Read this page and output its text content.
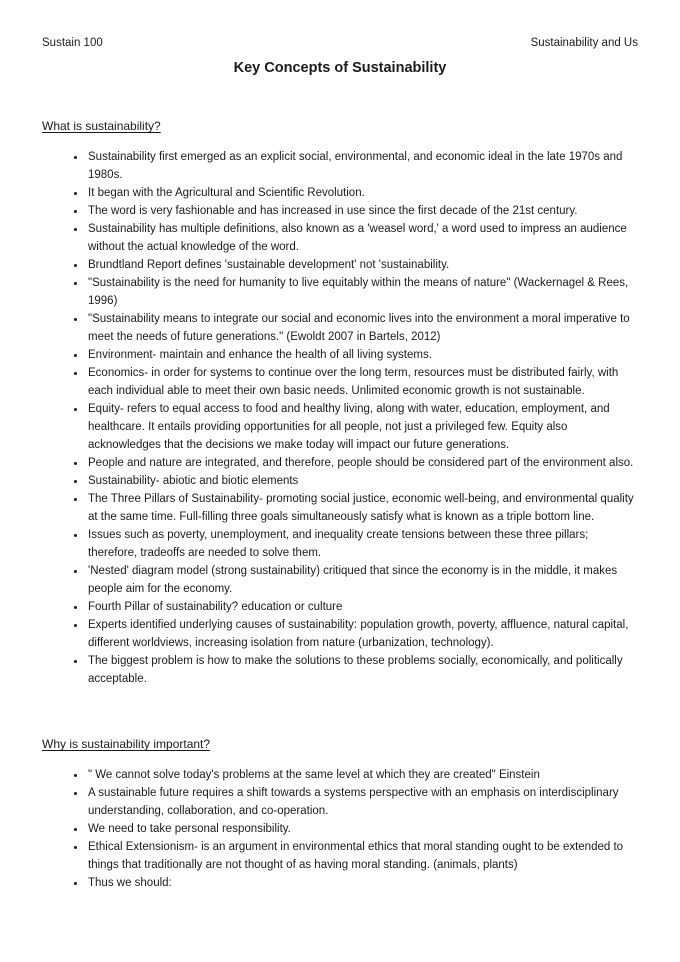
Sustain 100	Sustainability and Us
Key Concepts of Sustainability
What is sustainability?
• Sustainability first emerged as an explicit social, environmental, and economic ideal in the late 1970s and 1980s.
• It began with the Agricultural and Scientific Revolution.
• The word is very fashionable and has increased in use since the first decade of the 21st century.
• Sustainability has multiple definitions, also known as a 'weasel word,' a word used to impress an audience without the actual knowledge of the word.
• Brundtland Report defines 'sustainable development' not 'sustainability.
• "Sustainability is the need for humanity to live equitably within the means of nature" (Wackernagel & Rees, 1996)
• "Sustainability means to integrate our social and economic lives into the environment a moral imperative to meet the needs of future generations." (Ewoldt 2007 in Bartels, 2012)
• Environment- maintain and enhance the health of all living systems.
• Economics- in order for systems to continue over the long term, resources must be distributed fairly, with each individual able to meet their own basic needs. Unlimited economic growth is not sustainable.
• Equity- refers to equal access to food and healthy living, along with water, education, employment, and healthcare. It entails providing opportunities for all people, not just a privileged few. Equity also acknowledges that the decisions we make today will impact our future generations.
• People and nature are integrated, and therefore, people should be considered part of the environment also.
• Sustainability- abiotic and biotic elements
• The Three Pillars of Sustainability- promoting social justice, economic well-being, and environmental quality at the same time. Full-filling three goals simultaneously satisfy what is known as a triple bottom line.
• Issues such as poverty, unemployment, and inequality create tensions between these three pillars; therefore, tradeoffs are needed to solve them.
• 'Nested' diagram model (strong sustainability) critiqued that since the economy is in the middle, it makes people aim for the economy.
• Fourth Pillar of sustainability? education or culture
• Experts identified underlying causes of sustainability: population growth, poverty, affluence, natural capital, different worldviews, increasing isolation from nature (urbanization, technology).
• The biggest problem is how to make the solutions to these problems socially, economically, and politically acceptable.
Why is sustainability important?
• " We cannot solve today's problems at the same level at which they are created" Einstein
• A sustainable future requires a shift towards a systems perspective with an emphasis on interdisciplinary understanding, collaboration, and co-operation.
• We need to take personal responsibility.
• Ethical Extensionism- is an argument in environmental ethics that moral standing ought to be extended to things that traditionally are not thought of as having moral standing. (animals, plants)
• Thus we should:
